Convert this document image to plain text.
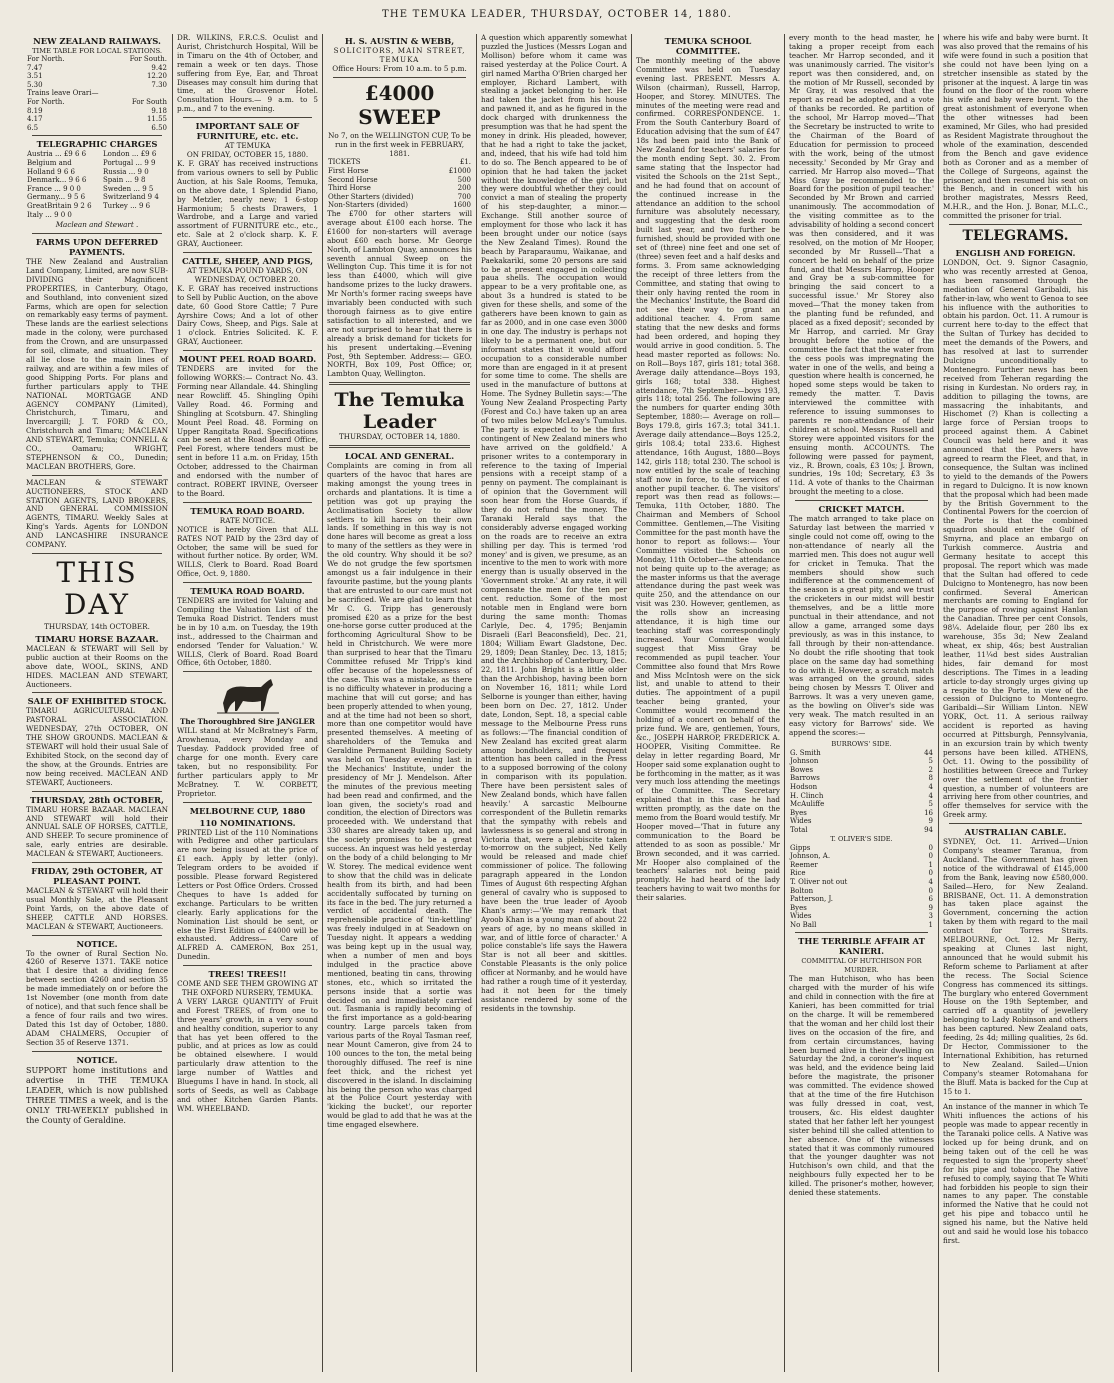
THE TEMUKA LEADER, THURSDAY, OCTOBER 14, 1880.
NEW ZEALAND RAILWAYS.
TIME TABLE FOR LOCAL STATIONS.
For North.	For South.
7.47	9.42
3.51	12.20
5.30	7.30
Trains leave Orari—	
For North.	For South
8.19	9.18
4.17	11.55
6.5	6.50
TELEGRAPHIC CHARGES
Austria ... £9 6 6	London ... £9 6
Belgium and	Portugal ... 9 9
Holland 9 6 6	Russia ... 9 0
Denmark... 9 6 6	Spain ... 9 8
France ... 9 0 0	Sweden ... 9 5
Germany... 9 5 6	Switzerland 9 4
GreatBritain 9 2 6	Turkey ... 9 6
Italy ... 9 0 0	
Maclean and Stewart .
FARMS UPON DEFERRED PAYMENTS.

THE New Zealand and Australian Land Company, Limited, are now SUB-DIVIDING their Magnificent PROPERTIES, in Canterbury, Otago, and Southland, into convenient sized Farms, which are open for selection on remarkably easy terms of payment. These lands are the earliest selections made in the colony, were purchased from the Crown, and are unsurpassed for soil, climate, and situation. They all lie close to the main lines of railway, and are within a few miles of good Shipping Ports. For plans and further particulars apply to THE NATIONAL MORTGAGE AND AGENCY COMPANY (Limited), Christchurch, Timaru, and Invercargill; J. T. FORD & CO., Christchurch and Timaru; MACLEAN AND STEWART, Temuka; CONNELL & CO., Oamaru; WRIGHT, STEPHENSON & CO., Dunedin; MACLEAN BROTHERS, Gore.

MACLEAN & STEWART AUCTIONEERS, STOCK AND STATION AGENTS, LAND BROKERS, AND GENERAL COMMISSION AGENTS, TIMARU. Weekly Sales at King's Yards. Agents for LONDON AND LANCASHIRE INSURANCE COMPANY.

THIS DAY
THURSDAY, 14th OCTOBER.
TIMARU HORSE BAZAAR.

MACLEAN & STEWART will Sell by public auction at their Rooms on the above date, WOOL, SKINS, AND HIDES. MACLEAN AND STEWART, Auctioneers.

SALE OF EXHIBITED STOCK.

TIMARU AGRICULTURAL AND PASTORAL ASSOCIATION. WEDNESDAY, 27th OCTOBER, ON THE SHOW GROUNDS. MACLEAN & STEWART will hold their usual Sale of Exhibited Stock, on the second day of the show, at the Grounds. Entries are now being received. MACLEAN AND STEWART, Auctioneers.

THURSDAY, 28th OCTOBER,

TIMARU HORSE BAZAAR. MACLEAN AND STEWART will hold their ANNUAL SALE OF HORSES, CATTLE, AND SHEEP. To secure prominence of sale, early entries are desirable. MACLEAN & STEWART, Auctioneers.

FRIDAY, 29th OCTOBER, AT PLEASANT POINT.

MACLEAN & STEWART will hold their usual Monthly Sale, at the Pleasant Point Yards, on the above date of SHEEP, CATTLE AND HORSES. MACLEAN & STEWART, Auctioneers.

NOTICE.

To the owner of Rural Section No. 4260 of Reserve 1371. TAKE notice that I desire that a dividing fence between section 4260 and section 35 be made immediately on or before the 1st November (one month from date of notice), and that such fence shall be a fence of four rails and two wires. Dated this 1st day of October, 1880. ADAM CHALMERS, Occupier of Section 35 of Reserve 1371.

NOTICE.

SUPPORT home institutions and advertise in THE TEMUKA LEADER, which is now published THREE TIMES a week, and is the ONLY TRI-WEEKLY published in the County of Geraldine.

DR. WILKINS, F.R.C.S. Oculist and Aurist, Christchurch Hospital, Will be in Timaru on the 4th of October, and remain a week or ten days. Those suffering from Eye, Ear, and Throat Diseases may consult him during that time, at the Grosvenor Hotel. Consultation Hours.— 9 a.m. to 5 p.m., and 7 to the evening.

IMPORTANT SALE OF FURNITURE, etc. etc.
AT TEMUKA
ON FRIDAY, OCTOBER 15, 1880.

K. F. GRAY has received instructions from various owners to sell by Public Auction, at his Sale Rooms, Temuka, on the above date, 1 Splendid Piano, by Metzler, nearly new; 1 6-stop Harmonium; 5 chests Drawers, 1 Wardrobe, and a Large and varied assortment of FURNITURE etc., etc., etc. Sale at 2 o'clock sharp. K. F. GRAY, Auctioneer.

CATTLE, SHEEP, AND PIGS,
AT TEMUKA POUND YARDS, ON WEDNESDAY, OCTOBER 20.

K. F. GRAY has received instructions to Sell by Public Auction, on the above date, 60 Good Store Cattle; 7 Pure Ayrshire Cows; And a lot of other Dairy Cows, Sheep, and Pigs. Sale at 1 o'clock. Entries Solicited. K. F. GRAY, Auctioneer.

MOUNT PEEL ROAD BOARD.

TENDERS are invited for the following WORKS:— Contract No. 43. Forming near Allandale. 44. Shingling near Rowcliff. 45. Shingling Opihi Valley Road. 46. Forming and Shingling at Scotsburn. 47. Shingling Mount Peel Road. 48. Forming on Upper Rangitata Road. Specifications can be seen at the Road Board Office, Peel Forest, where tenders must be sent in before 11 a.m. on Friday, 15th October, addressed to the Chairman and endorsed with the number of contract. ROBERT IRVINE, Overseer to the Board.

TEMUKA ROAD BOARD.
RATE NOTICE.

NOTICE is hereby Given that ALL RATES NOT PAID by the 23rd day of October, the same will be sued for without further notice. By order, WM. WILLS, Clerk to Board. Road Board Office, Oct. 9, 1880.

TEMUKA ROAD BOARD.

TENDERS are invited for Valuing and Compiling the Valuation List of the Temuka Road District. Tenders must be in by 10 a.m. on Tuesday, the 19th inst., addressed to the Chairman and endorsed 'Tender for Valuation.' W. WILLS, Clerk of Board. Road Board Office, 6th October, 1880.

The Thoroughbred Sire JANGLER

WILL stand at Mr McBratney's Farm, Arowhenua, every Monday and Tuesday. Paddock provided free of charge for one month. Every care taken, but no responsibility. For further particulars apply to Mr McBratney. T. W. CORBETT, Proprietor.

MELBOURNE CUP, 1880
110 NOMINATIONS.

PRINTED List of the 110 Nominations with Pedigree and other particulars are now being issued at the price of £1 each. Apply by letter (only). Telegram orders to be avoided if possible. Please forward Registered Letters or Post Office Orders. Crossed Cheques to have 1s added for exchange. Particulars to be written clearly. Early applications for the Nomination List should be sent, or else the First Edition of £4000 will be exhausted. Address— Care of ALFRED A. CAMERON, Box 251, Dunedin.

TREES! TREES!!
COME AND SEE THEM GROWING AT THE OXFORD NURSERY, TEMUKA.

A VERY LARGE QUANTITY of Fruit and Forest TREES, of from one to three years' growth, in a very sound and healthy condition, superior to any that has yet been offered to the public, and at prices as low as could be obtained elsewhere. I would particularly draw attention to the large number of Wattles and Bluegums I have in hand. In stock, all sorts of Seeds, as well as Cabbage and other Kitchen Garden Plants. WM. WHEELBAND.

H. S. AUSTIN & WEBB,
SOLICITORS, MAIN STREET, TEMUKA
Office Hours: From 10 a.m. to 5 p.m.
£4000 SWEEP
No 7, on the WELLINGTON CUP, To be run in the first week in FEBRUARY, 1881.
TICKETS	£1.
First Horse	£1000
Second Horse	500
Third Horse	200
Other Starters (divided)	700
Non-Starters (divided)	1600

The £700 for other starters will average about £100 each horse. The £1600 for non-starters will average about £60 each horse. Mr George North, of Lambton Quay, announces his seventh annual Sweep on the Wellington Cup. This time it is for not less than £4000, which will give handsome prizes to the lucky drawers. Mr North's former racing sweeps have invariably been conducted with such thorough fairness as to give entire satisfaction to all interested, and we are not surprised to hear that there is already a brisk demand for tickets for his present undertaking.—Evening Post, 9th September. Address:— GEO. NORTH, Box 109, Post Office; or, Lambton Quay, Wellington.

The Temuka Leader
THURSDAY, OCTOBER 14, 1880.
LOCAL AND GENERAL.

Complaints are coming in from all quarters of the havoc that hares are making amongst the young trees in orchards and plantations. It is time a petition was got up praying the Acclimatisation Society to allow settlers to kill hares on their own lands. If something in this way is not done hares will become as great a loss to many of the settlers as they were in the old country. Why should it be so? We do not grudge the few sportsmen amongst us a fair indulgence in their favourite pastime, but the young plants that are entrusted to our care must not be sacrificed. We are glad to learn that Mr C. G. Tripp has generously promised £20 as a prize for the best one-horse gorse cutter produced at the forthcoming Agricultural Show to be held in Christchurch. We were more than surprised to hear that the Timaru Committee refused Mr Tripp's kind offer because of the hopelessness of the case. This was a mistake, as there is no difficulty whatever in producing a machine that will cut gorse; and has been properly attended to when young, and at the time had not been so short, more than one competitor would have presented themselves. A meeting of shareholders of the Temuka and Geraldine Permanent Building Society was held on Tuesday evening last in the Mechanics' Institute, under the presidency of Mr J. Mendelson. After the minutes of the previous meeting had been read and confirmed, and the loan given, the society's road and condition, the election of Directors was proceeded with. We understand that 330 shares are already taken up, and the society promises to be a great success. An inquest was held yesterday on the body of a child belonging to Mr W. Storey. The medical evidence went to show that the child was in delicate health from its birth, and had been accidentally suffocated by turning on its face in the bed. The jury returned a verdict of accidental death. The reprehensible practice of 'tin-kettling' was freely indulged in at Seadown on Tuesday night. It appears a wedding was being kept up in the usual way, when a number of men and boys indulged in the practice above mentioned, beating tin cans, throwing stones, etc., which so irritated the persons inside that a sortie was decided on and immediately carried out. Tasmania is rapidly becoming of the first importance as a gold-bearing country. Large parcels taken from various parts of the Royal Tasman reef, near Mount Cameron, give from 24 to 100 ounces to the ton, the metal being thoroughly diffused. The reef is nine feet thick, and the richest yet discovered in the island. In disclaiming his being the person who was charged at the Police Court yesterday with 'kicking the bucket', our reporter would be glad to add that he was at the time engaged elsewhere.

A question which apparently somewhat puzzled the Justices (Messrs Logan and Mollison) before whom it came was raised yesterday at the Police Court. A girl named Martha O'Brien charged her employer, Richard Lambert, with stealing a jacket belonging to her. He had taken the jacket from his house and pawned it, and as he figured in the dock charged with drunkenness the presumption was that he had spent the money in drink. His pleaded, however, that he had a right to take the jacket, and, indeed, that his wife had told him to do so. The Bench appeared to be of opinion that he had taken the jacket without the knowledge of the girl, but they were doubtful whether they could convict a man of stealing the property of his step-daughter, a minor.—Exchange. Still another source of employment for those who lack it has been brought under our notice (says the New Zealand Times). Round the beach by Paraparaumu, Waikanae, and Paekakariki, some 20 persons are said to be at present engaged in collecting paua shells. The occupation would appear to be a very profitable one, as about 3s a hundred is stated to be given for these shells, and some of the gatherers have been known to gain as far as 2000, and in one case even 3000 in one day. The industry is perhaps not likely to be a permanent one, but our informant states that it would afford occupation to a considerable number more than are engaged in it at present for some time to come. The shells are used in the manufacture of buttons at Home. The Sydney Bulletin says:—'The Young New Zealand Prospecting Party (Forest and Co.) have taken up an area of two miles below McLeay's Tumulus. The party is expected to be the first contingent of New Zealand miners who have arrived on the goldfield.' A prisoner writes to a contemporary in reference to the taxing of Imperial pensions with a receipt stamp of a penny on payment. The complainant is of opinion that the Government will soon hear from the Horse Guards, if they do not refund the money. The Taranaki Herald says that the considerably adverse engaged working on the roads are to receive an extra shilling per day. This is termed 'rod money' and is given, we presume, as an incentive to the men to work with more energy than is usually observed in the 'Government stroke.' At any rate, it will compensate the men for the ten per cent. reduction. Some of the most notable men in England were born during the same month: Thomas Carlyle, Dec. 4, 1795; Benjamin Disraeli (Earl Beaconsfield), Dec. 21, 1804; William Ewart Gladstone, Dec. 29, 1809; Dean Stanley, Dec. 13, 1815; and the Archbishop of Canterbury, Dec. 22, 1811. John Bright is a little older than the Archbishop, having been born on November 16, 1811; while Lord Selborne is younger than either, having been born on Dec. 27, 1812. Under date, London, Sept. 18, a special cable message to the Melbourne Press runs as follows:—'The financial condition of New Zealand has excited great alarm among bondholders, and frequent attention has been called in the Press to a supposed borrowing of the colony in comparison with its population. There have been persistent sales of New Zealand bonds, which have fallen heavily.' A sarcastic Melbourne correspondent of the Bulletin remarks that the sympathy with rebels and lawlessness is so general and strong in Victoria that, were a plebiscite taken to-morrow on the subject, Ned Kelly would be released and made chief commissioner of police. The following paragraph appeared in the London Times of August 6th respecting Afghan general of cavalry who is supposed to have been the true leader of Ayoob Khan's army:—'We may remark that Ayoob Khan is a young man of about 22 years of age, by no means skilled in war, and of little force of character.' A police constable's life says the Hawera Star is not all beer and skittles. Constable Pleasants is the only police officer at Normanby, and he would have had rather a rough time of it yesterday, had it not been for the timely assistance rendered by some of the residents in the township.

TEMUKA SCHOOL COMMITTEE.

The monthly meeting of the above Committee was held on Tuesday evening last. PRESENT. Messrs A. Wilson (chairman), Russell, Harrop, Hooper, and Storey. MINUTES. The minutes of the meeting were read and confirmed. CORRESPONDENCE. 1. From the South Canterbury Board of Education advising that the sum of £47 18s had been paid into the Bank of New Zealand for teachers' salaries for the month ending Sept. 30. 2. From same stating that the Inspector had visited the Schools on the 21st Sept., and he had found that on account of the continued increase in the attendance an addition to the school furniture was absolutely necessary, and suggesting that the desk room built last year, and two further be furnished, should be provided with one set of (three) nine feet and one set of (three) seven feet and a half desks and forms. 3. From same acknowledging the receipt of three letters from the Committee, and stating that owing to their only having rented the room in the Mechanics' Institute, the Board did not see their way to grant an additional teacher. 4. From same stating that the new desks and forms had been ordered, and hoping they would arrive in good condition. 5. The head master reported as follows: No. on Roll—Boys 187, girls 181; total 368. Average daily attendance—Boys 193, girls 168; total 338. Highest attendance, 7th September—boys 193, girls 118; total 256. The following are the numbers for quarter ending 30th September, 1880:— Average on roll—Boys 179.8, girls 167.3; total 341.1. Average daily attendance—Boys 125.2, girls 108.4; total 233.6. Highest attendance, 16th August, 1880—Boys 142, girls 118; total 230. The school is now entitled by the scale of teaching staff now in force, to the services of another pupil teacher. 6. The visitors' report was then read as follows:— Temuka, 11th October, 1880. The Chairman and Members of School Committee. Gentlemen,—The Visiting Committee for the past month have the honor to report as follows:— Your Committee visited the Schools on Monday, 11th October—the attendance not being quite up to the average; as the master informs us that the average attendance during the past week was quite 250, and the attendance on our visit was 230. However, gentlemen, as the rolls show an increasing attendance, it is high time our teaching staff was correspondingly increased. Your Committee would suggest that Miss Gray be recommended as pupil teacher. Your Committee also found that Mrs Rowe and Miss McIntosh were on the sick list, and unable to attend to their duties. The appointment of a pupil teacher being granted, your Committee would recommend the holding of a concert on behalf of the prize fund. We are, gentlemen, Yours, &c., JOSEPH HARROP, FREDERICK A. HOOPER, Visiting Committee. Re delay in letter regarding Board, Mr Hooper said some explanation ought to be forthcoming in the matter, as it was very much loss attending the meetings of the Committee. The Secretary explained that in this case he had written promptly, as the date on the memo from the Board would testify. Mr Hooper moved—'That in future any communication to the Board be attended to as soon as possible.' Mr Brown seconded, and it was carried. Mr Hooper also complained of the teachers' salaries not being paid promptly. He had heard of the lady teachers having to wait two months for their salaries.

every month to the head master, he taking a proper receipt from each teacher. Mr Harrop seconded, and it was unanimously carried. The visitor's report was then considered, and, on the motion of Mr Russell, seconded by Mr Gray, it was resolved that the report as read be adopted, and a vote of thanks be recorded. Re partition of the school, Mr Harrop moved—'That the Secretary be instructed to write to the Chairman of the Board of Education for permission to proceed with the work, being of the utmost necessity.' Seconded by Mr Gray and carried. Mr Harrop also moved—'That Miss Gray be recommended to the Board for the position of pupil teacher.' Seconded by Mr Brown and carried unanimously. The accommodation of the visiting committee as to the advisability of holding a second concert was then considered, and it was resolved, on the motion of Mr Hooper, seconded by Mr Russell—'That a concert be held on behalf of the prize fund, and that Messrs Harrop, Hooper and Gray be a sub-committee for bringing the said concert to a successful issue.' Mr Storey also moved—'That the money taken from the planting fund be refunded, and placed as a fixed deposit'; seconded by Mr Harrop, and carried. Mr Gray brought before the notice of the committee the fact that the water from the cess pools was impregnating the water in one of the wells, and being a question where health is concerned, he hoped some steps would be taken to remedy the matter. T. Davis interviewed the committee with reference to issuing summonses to parents re non-attendance of their children at school. Messrs Russell and Storey were appointed visitors for the ensuing month. ACCOUNTS. The following were passed for payment, viz., R. Brown, coals, £3 10s; J. Brown, sundries, 19s 10d; Secretary, £3 3s 11d. A vote of thanks to the Chairman brought the meeting to a close.

CRICKET MATCH.

The match arranged to take place on Saturday last between the married v single could not come off, owing to the non-attendance of nearly all the married men. This does not augur well for cricket in Temuka. That the members should show such indifference at the commencement of the season is a great pity, and we trust the cricketers in our midst will bestir themselves, and be a little more punctual in their attendance, and not allow a game, arranged some days previously, as was in this instance, to fall through by their non-attendance. No doubt the rifle shooting that took place on the same day had something to do with it. However, a scratch match was arranged on the ground, sides being chosen by Messrs T. Oliver and Barrows. It was a very uneven game, as the bowling on Oliver's side was very weak. The match resulted in an easy victory for Barrows' side. We append the scores:—

BURROWS' SIDE.
G. Smith	44
Johnson	5
Bowes	2
Barrows	8
Hodson	4
H. Clinch	4
McAuliffe	5
Byes	16
Wides	9
Total	94
T. OLIVER'S SIDE.
Gipps	0
Johnson, A.	0
Reemer	1
Rice	0
T. Oliver not out	4
Bolton	0
Patterson, J.	6
Byes	9
Wides	3
No Ball	1
THE TERRIBLE AFFAIR AT KANIERI.
COMMITTAL OF HUTCHISON FOR MURDER.

The man Hutchison, who has been charged with the murder of his wife and child in connection with the fire at Kanieri, has been committed for trial on the charge. It will be remembered that the woman and her child lost their lives on the occasion of the fire, and from certain circumstances, having been burned alive in their dwelling on Saturday the 2nd, a coroner's inquest was held, and the evidence being laid before the magistrate, the prisoner was committed. The evidence showed that at the time of the fire Hutchison was fully dressed in coat, vest, trousers, &c. His eldest daughter stated that her father left her youngest sister behind till she called attention to her absence. One of the witnesses stated that it was commonly rumoured that the younger daughter was not Hutchison's own child, and that the neighbours fully expected her to be killed. The prisoner's mother, however, denied these statements.

where his wife and baby were burnt. It was also proved that the remains of his wife were found in such a position that she could not have been lying on a stretcher insensible as stated by the prisoner at the inquest. A large tin was found on the floor of the room where his wife and baby were burnt. To the great astonishment of everyone when the other witnesses had been examined, Mr Giles, who had presided as Resident Magistrate throughout the whole of the examination, descended from the Bench and gave evidence both as Coroner and as a member of the College of Surgeons, against the prisoner, and then resumed his seat on the Bench, and in concert with his brother magistrates, Messrs Reed, M.H.R., and the Hon. J. Bonar, M.L.C., committed the prisoner for trial.

TELEGRAMS.
ENGLISH AND FOREIGN.

LONDON, Oct. 9. Signor Casagnio, who was recently arrested at Genoa, has been ransomed through the mediation of General Garibaldi, his father-in-law, who went to Genoa to see his influence with the authorities to obtain his pardon. Oct. 11. A rumour is current here to-day to the effect that the Sultan of Turkey has decided to meet the demands of the Powers, and has resolved at last to surrender Dulcigno unconditionally to Montenegro. Further news has been received from Teheran regarding the rising in Kurdestan. No orders ray, in addition to pillaging the towns, are massacring the inhabitants, and Hischomet (?) Khan is collecting a large force of Persian troops to proceed against them. A Cabinet Council was held here and it was announced that the Powers have agreed to rearm the Fleet, and that, in consequence, the Sultan was inclined to yield to the demands of the Powers in regard to Dulcigno. It is now known that the proposal which had been made by the British Government to the Continental Powers for the coercion of the Porte is that the combined squadron should enter the Gulf of Smyrna, and place an embargo on Turkish commerce. Austria and Germany hesitate to accept this proposal. The report which was made that the Sultan had offered to cede Dulcigno to Montenegro, has now been confirmed. Several American merchants are coming to England for the purpose of rowing against Hanlan the Canadian. Three per cent Consols, 98¼. Adelaide flour, per 280 lbs ex warehouse, 35s 3d; New Zealand wheat, ex ship, 46s; best Australian leather, 11¼d best sides Australian hides, fair demand for most descriptions. The Times in a leading article to-day strongly urges giving up a respite to the Porte, in view of the cession of Dulcigno to Montenegro. Garibaldi—Sir William Linton. NEW YORK, Oct. 11. A serious railway accident is reported as having occurred at Pittsburgh, Pennsylvania, in an excursion train by which twenty persons have been killed. ATHENS, Oct. 11. Owing to the possibility of hostilities between Greece and Turkey over the settlement of the frontier question, a number of volunteers are arriving here from other countries, and offer themselves for service with the Greek army.

AUSTRALIAN CABLE.

SYDNEY, Oct. 11. Arrived—Union Company's steamer Taranua, from Auckland. The Government has given notice of the withdrawal of £145,000 from the Bank, leaving now £580,000. Sailed—Hero, for New Zealand. BRISBANE, Oct. 11. A demonstration has taken place against the Government, concerning the action taken by them with regard to the mail contract for Torres Straits. MELBOURNE, Oct. 12. Mr Berry, speaking at Clunes last night, announced that he would submit his Reform scheme to Parliament at after the recess. The Social Science Congress has commenced its sittings. The burglary who entered Government House on the 19th September, and carried off a quantity of jewellery belonging to Lady Robinson and others has been captured. New Zealand oats, feeding, 2s 4d; milling qualities, 2s 6d. Dr Hector, Commissioner to the International Exhibition, has returned to New Zealand. Sailed—Union Company's steamer Rotomahana for the Bluff. Mata is backed for the Cup at 15 to 1.

An instance of the manner in which Te Whiti influences the actions of his people was made to appear recently in the Taranaki police cells. A Native was locked up for being drunk, and on being taken out of the cell he was requested to sign the 'property sheet' for his pipe and tobacco. The Native refused to comply, saying that Te Whiti had forbidden his people to sign their names to any paper. The constable informed the Native that he could not get his pipe and tobacco until he signed his name, but the Native held out and said he would lose his tobacco first.
